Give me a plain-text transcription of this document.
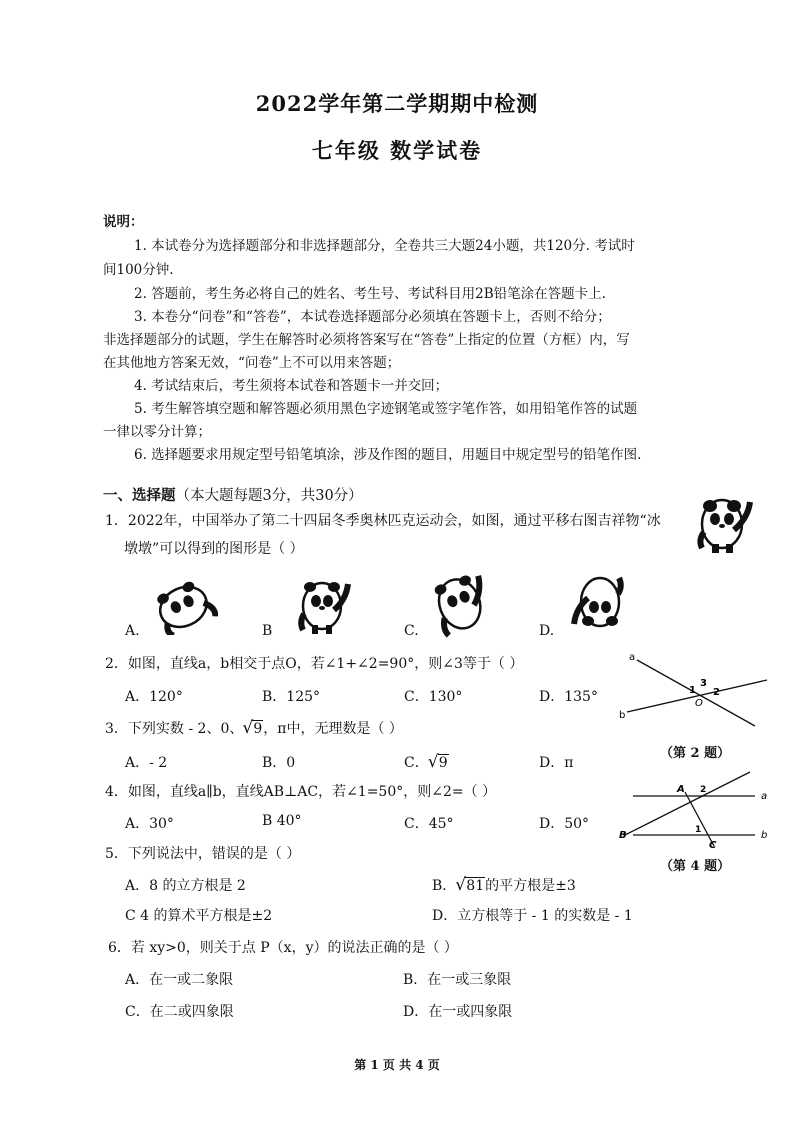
2022学年第二学期期中检测
七年级 数学试卷
说明：
1. 本试卷分为选择题部分和非选择题部分，全卷共三大题24小题，共120分. 考试时
间100分钟.
2. 答题前，考生务必将自己的姓名、考生号、考试科目用2B铅笔涂在答题卡上.
3. 本卷分“问卷”和“答卷”，本试卷选择题部分必须填在答题卡上，否则不给分；
非选择题部分的试题，学生在解答时必须将答案写在“答卷”上指定的位置（方框）内，写
在其他地方答案无效，“问卷”上不可以用来答题；
4. 考试结束后，考生须将本试卷和答题卡一并交回；
5. 考生解答填空题和解答题必须用黑色字迹钢笔或签字笔作答，如用铅笔作答的试题
一律以零分计算；
6. 选择题要求用规定型号铅笔填涂，涉及作图的题目，用题目中规定型号的铅笔作图.
一、选择题（本大题每题3分，共30分）
1．2022年，中国举办了第二十四届冬季奥林匹克运动会，如图，通过平移右图吉祥物“冰
墩墩”可以得到的图形是（ ）
A.	B	C.	D.
2．如图，直线a，b相交于点O，若∠1+∠2=90°，则∠3等于（ ）
A．120°	B．125°	C．130°	D．135°
a
b
1 2
3
O
（第 2 题）
3．下列实数 - 2、0、 √ 9，π中，无理数是（ ）
A．- 2	B．0	C． √ 9	D．π
4．如图，直线a∥b，直线AB⊥AC，若∠1=50°，则∠2=（ ）
A．30°	B 40°	C．45°	D．50°
A
B
C
a
b
1
2
（第 4 题）
5．下列说法中，错误的是（ ）
A．8 的立方根是 2	B． √ 81的平方根是±3
C 4 的算术平方根是±2	D．立方根等于 - 1 的实数是 - 1
6．若 xy>0，则关于点 P（x，y）的说法正确的是（ ）
A．在一或二象限	B．在一或三象限
C．在二或四象限	D．在一或四象限
第 1 页 共 4 页
